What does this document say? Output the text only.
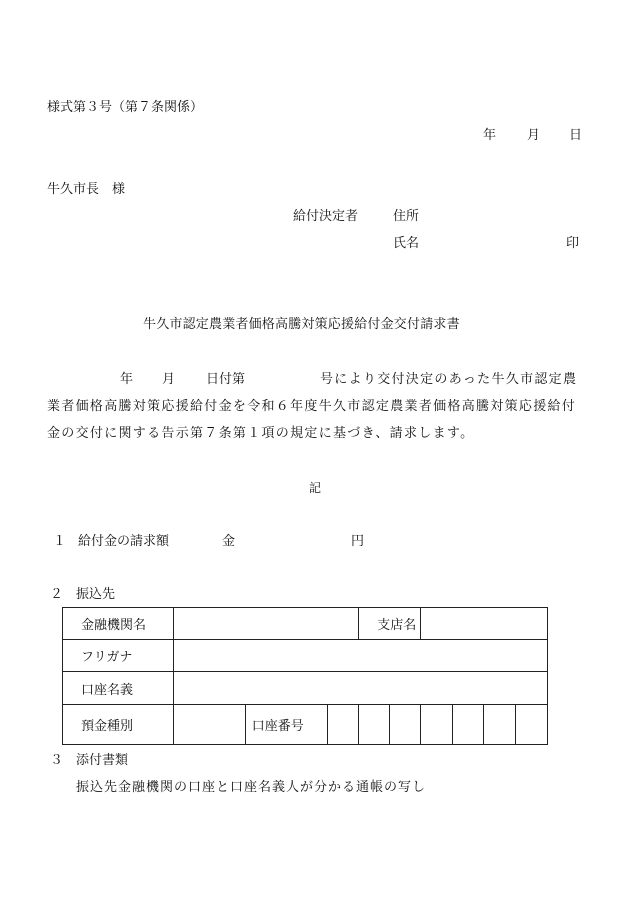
様式第３号（第７条関係）
年 月 日
牛久市長　様
給付決定者	住所
氏名	印
牛久市認定農業者価格高騰対策応援給付金交付請求書
年 月 日付第	号により交付決定のあった牛久市認定農
業者価格高騰対策応援給付金を令和６年度牛久市認定農業者価格高騰対策応援給付
金の交付に関する告示第７条第１項の規定に基づき、請求します。
記
１ 給付金の請求額	金	円
２ 振込先
金融機関名				支店名					
フリガナ									
口座名義									
預金種別		口座番号							
３ 添付書類
振込先金融機関の口座と口座名義人が分かる通帳の写し
